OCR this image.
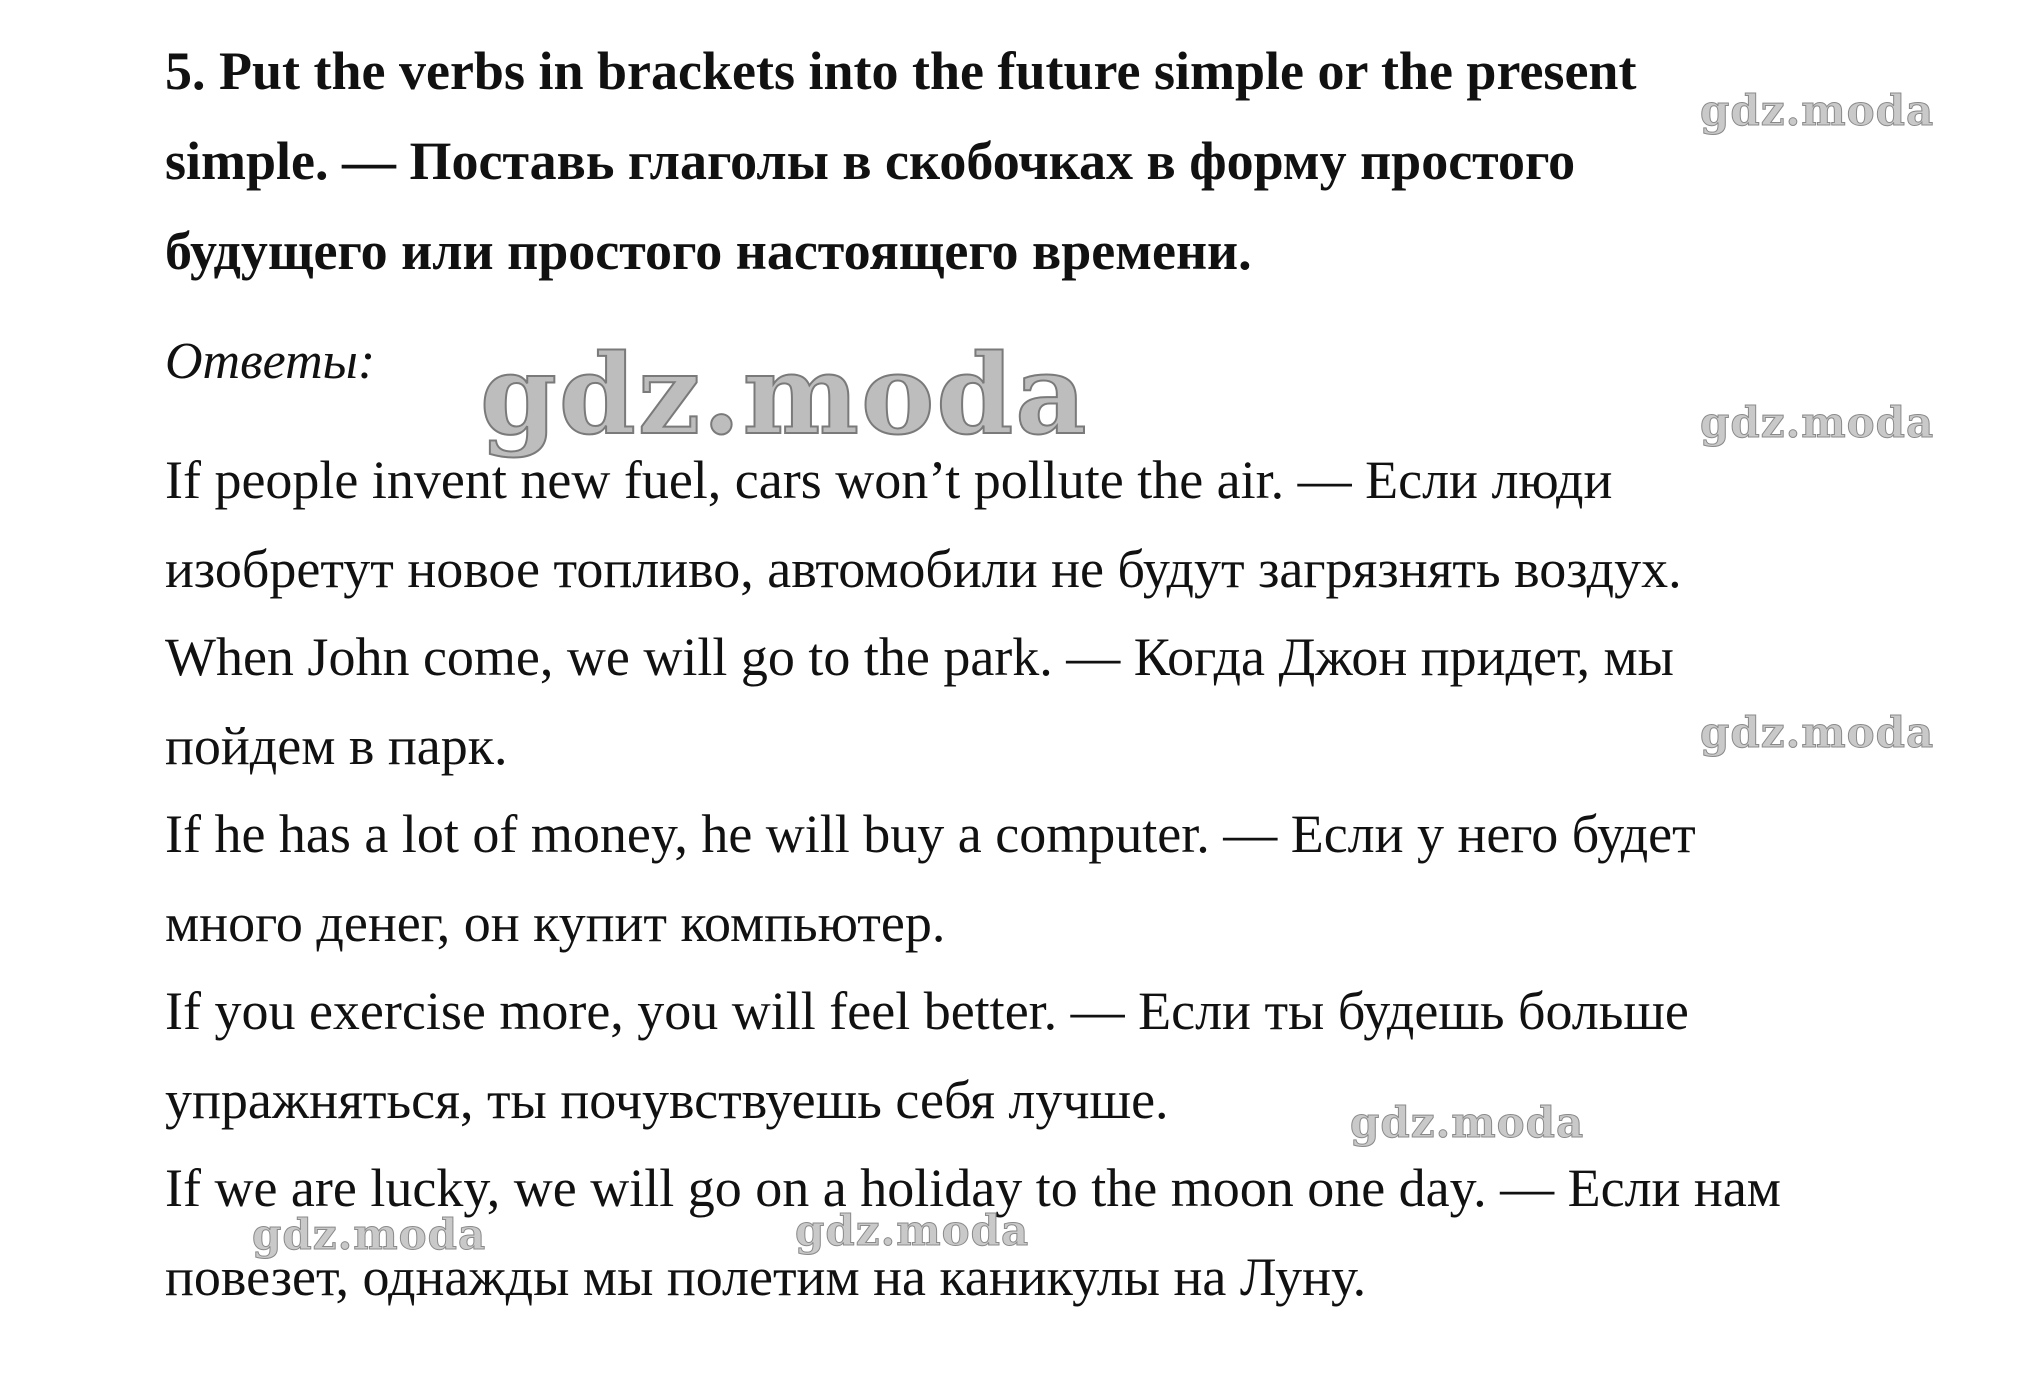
5. Put the verbs in brackets into the future simple or the present
simple. — Поставь глаголы в скобочках в форму простого
будущего или простого настоящего времени.
Ответы:
If people invent new fuel, cars won’t pollute the air. — Если люди
изобретут новое топливо, автомобили не будут загрязнять воздух.
When John come, we will go to the park. — Когда Джон придет, мы
пойдем в парк.
If he has a lot of money, he will buy a computer. — Если у него будет
много денег, он купит компьютер.
If you exercise more, you will feel better. — Если ты будешь больше
упражняться, ты почувствуешь себя лучше.
If we are lucky, we will go on a holiday to the moon one day. — Если нам
повезет, однажды мы полетим на каникулы на Луну.
gdz.moda
gdz.moda	gdz.moda
gdz.moda
gdz.moda
gdz.moda	gdz.moda
